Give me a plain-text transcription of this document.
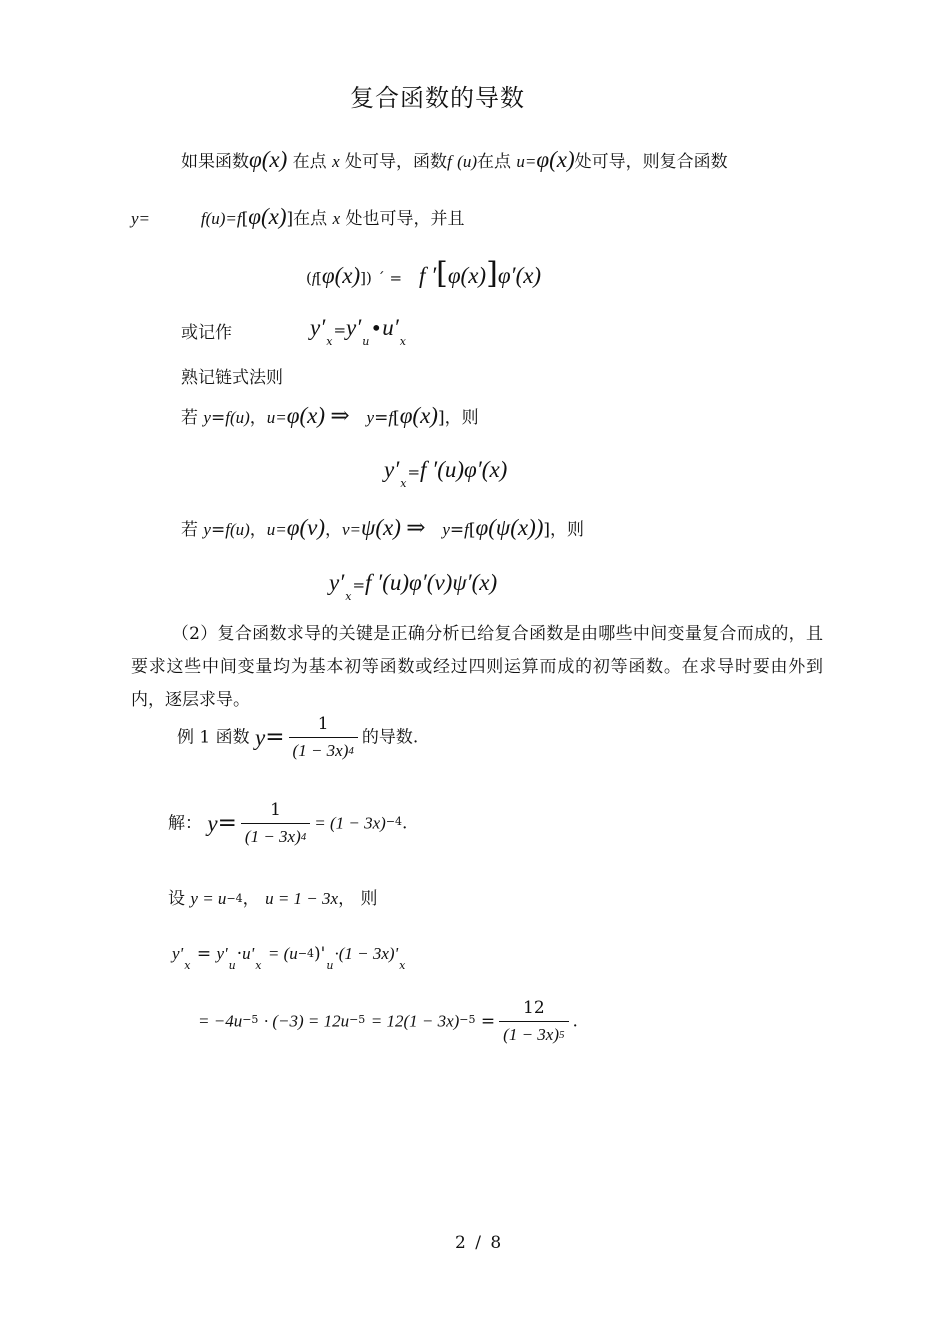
复合函数的导数
如果函数φ(x) 在点 x 处可导，函数f (u)在点 u=φ(x)处可导，则复合函数
y=	f(u)=f[φ(x)]在点 x 处也可导，并且
(f[φ(x)]) ´ = f ′[φ(x)]φ′(x)
或记作	$y'_x=y'_u•u'_x$
熟记链式法则
若 y=f(u)，u=φ(x) ⇒ y=f[φ(x)]，则
$y'_x=f$ ′(u)φ′(x)
若 y=f(u)，u=φ(v)，v=ψ(x) ⇒ y=f[φ(ψ(x))]，则
$y'_x=f$ ′(u)φ′(v)ψ′(x)
（2）复合函数求导的关键是正确分析已给复合函数是由哪些中间变量复合而成的，且要求这些中间变量均为基本初等函数或经过四则运算而成的初等函数。在求导时要由外到内，逐层求导。
例 1 函数 $y= \frac{1}{(1 - 3x)4}$ 的导数.
解： $y= \frac{1}{(1 - 3x)4} = (1 - 3x)-4$.
设 y = u−4， u = 1 − 3x， 则
$y'_x = y'_u\cdot u'_x = (u-4)'_u\cdot(1 - 3x)'_x$
= $-4u-5 \cdot (-3) = 12u-5 = 12(1 - 3x)-5 = \frac{12}{(1 - 3x)5}$ .
2 / 8
